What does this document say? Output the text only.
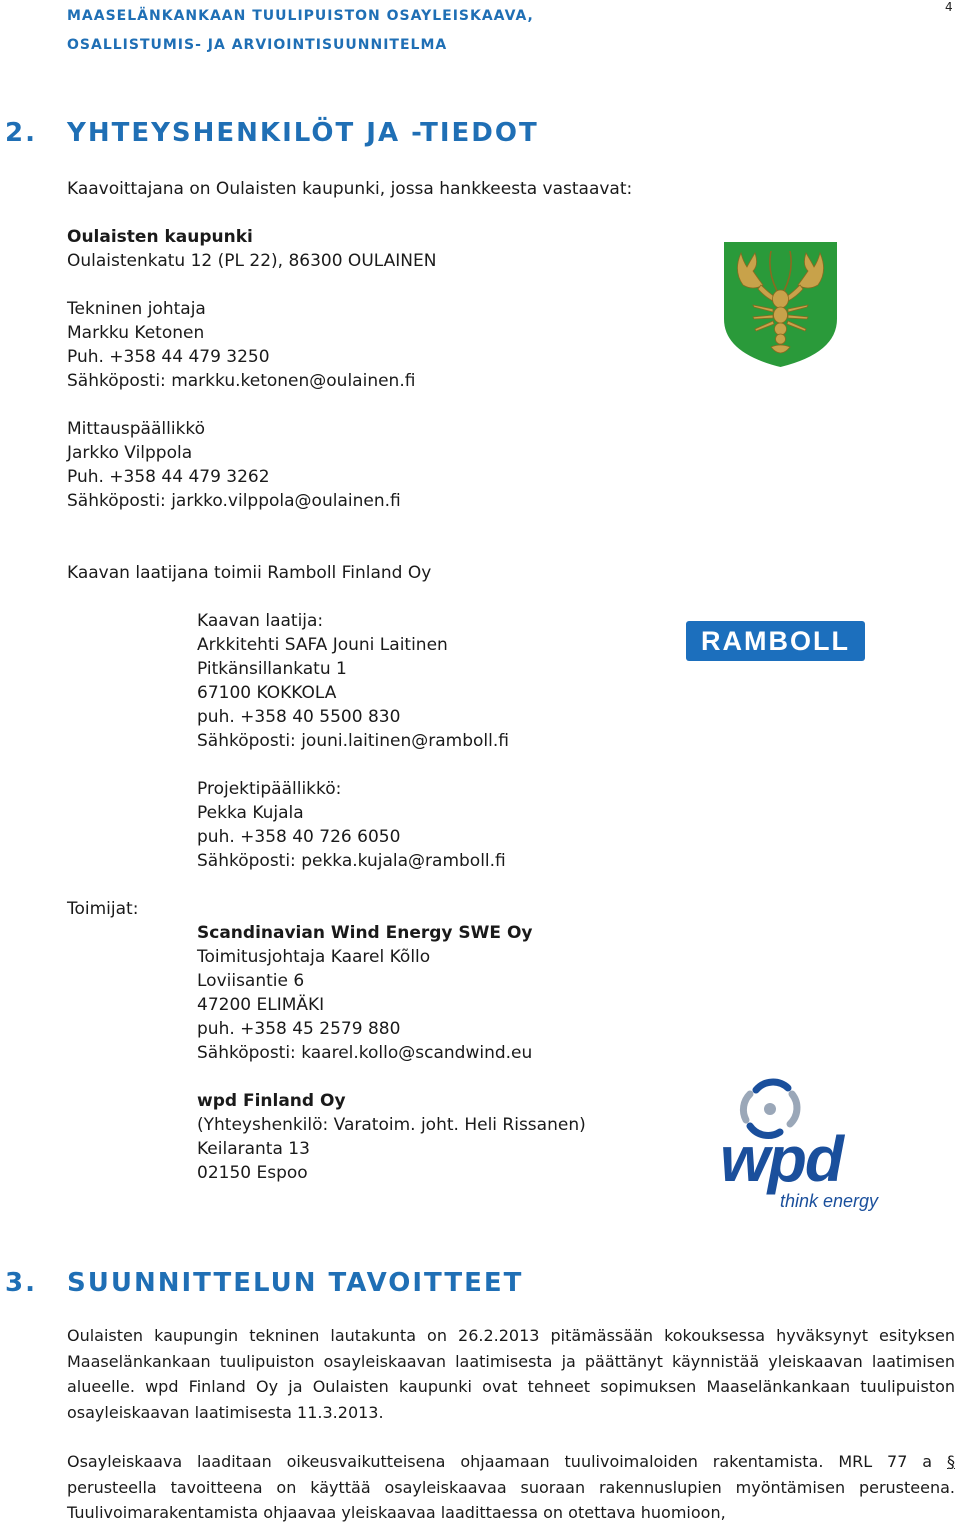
MAASELÄNKANKAAN TUULIPUISTON OSAYLEISKAAVA,
OSALLISTUMIS- JA ARVIOINTISUUNNITELMA
4
2. YHTEYSHENKILÖT JA -TIEDOT
Kaavoittajana on Oulaisten kaupunki, jossa hankkeesta vastaavat:
Oulaisten kaupunki
Oulaistenkatu 12 (PL 22), 86300 OULAINEN
Tekninen johtaja
Markku Ketonen
Puh. +358 44 479 3250
Sähköposti: markku.ketonen@oulainen.fi
Mittauspäällikkö
Jarkko Vilppola
Puh. +358 44 479 3262
Sähköposti: jarkko.vilppola@oulainen.fi
Kaavan laatijana toimii Ramboll Finland Oy
Kaavan laatija:
Arkkitehti SAFA Jouni Laitinen
Pitkänsillankatu 1
67100 KOKKOLA
puh. +358 40 5500 830
Sähköposti: jouni.laitinen@ramboll.fi
RAMBOLL
Projektipäällikkö:
Pekka Kujala
puh. +358 40 726 6050
Sähköposti: pekka.kujala@ramboll.fi
Toimijat:
Scandinavian Wind Energy SWE Oy
Toimitusjohtaja Kaarel Kõllo
Loviisantie 6
47200 ELIMÄKI
puh. +358 45 2579 880
Sähköposti: kaarel.kollo@scandwind.eu
wpd Finland Oy
(Yhteyshenkilö: Varatoim. joht. Heli Rissanen)
Keilaranta 13
02150 Espoo	wpd
think energy
3. SUUNNITTELUN TAVOITTEET
Oulaisten kaupungin tekninen lautakunta on 26.2.2013 pitämässään kokouksessa hyväksynyt esityksen Maaselänkankaan tuulipuiston osayleiskaavan laatimisesta ja päättänyt käynnistää yleiskaavan laatimisen alueelle. wpd Finland Oy ja Oulaisten kaupunki ovat tehneet sopimuksen Maaselänkankaan tuulipuiston osayleiskaavan laatimisesta 11.3.2013.
Osayleiskaava laaditaan oikeusvaikutteisena ohjaamaan tuulivoimaloiden rakentamista. MRL 77 a § perusteella tavoitteena on käyttää osayleiskaavaa suoraan rakennuslupien myöntämisen perusteena. Tuulivoimarakentamista ohjaavaa yleiskaavaa laadittaessa on otettava huomioon,
